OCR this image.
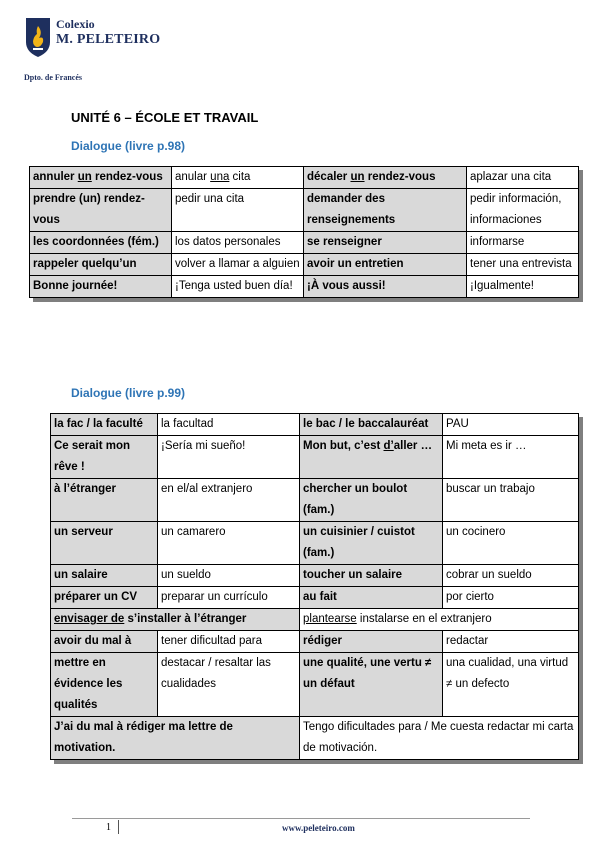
Colexio
M. PELETEIRO
Dpto. de Francés
UNITÉ 6 – ÉCOLE ET TRAVAIL
Dialogue (livre p.98)
annuler un rendez-vous	anular una cita	décaler un rendez-vous	aplazar una cita
prendre (un) rendez-vous	pedir una cita	demander des renseignements	pedir información, informaciones
les coordonnées (fém.)	los datos personales	se renseigner	informarse
rappeler quelqu’un	volver a llamar a alguien	avoir un entretien	tener una entrevista
Bonne journée!	¡Tenga usted buen día!	¡À vous aussi!	¡Igualmente!
Dialogue (livre p.99)
la fac / la faculté	la facultad	le bac / le baccalauréat	PAU
Ce serait mon rêve !	¡Sería mi sueño!	Mon but, c’est d’aller …	Mi meta es ir …
à l’étranger	en el/al extranjero	chercher un boulot (fam.)	buscar un trabajo
un serveur	un camarero	un cuisinier / cuistot (fam.)	un cocinero
un salaire	un sueldo	toucher un salaire	cobrar un sueldo
préparer un CV	preparar un currículo	au fait	por cierto
envisager de s’installer à l’étranger		plantearse instalarse en el extranjero	
avoir du mal à	tener dificultad para	rédiger	redactar
mettre en évidence les qualités	destacar / resaltar las cualidades	une qualité, une vertu ≠ un défaut	una cualidad, una virtud ≠ un defecto
J’ai du mal à rédiger ma lettre de motivation.		Tengo dificultades para / Me cuesta redactar mi carta de motivación.	
1	www.peleteiro.com
